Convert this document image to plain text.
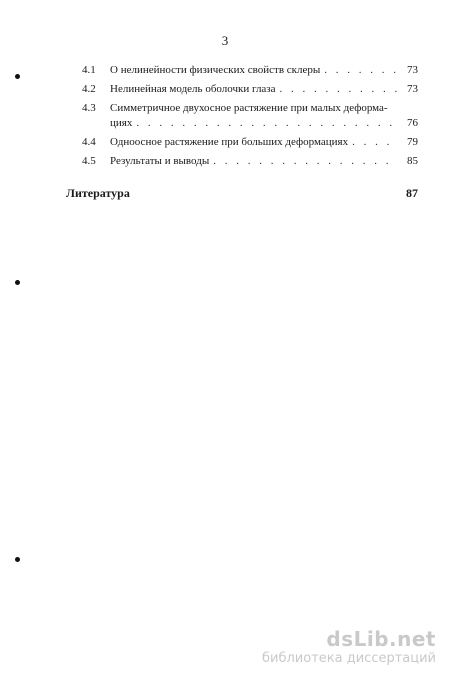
3
4.1	О нелинейности физических свойств склеры . . .	73
4.2	Нелинейная модель оболочки глаза . . .	73
4.3	Симметричное двухосное растяжение при малых деформа-
циях . . .	76
4.4	Одноосное растяжение при больших деформациях . . .	79
4.5	Результаты и выводы . . .	85
Литература	87
dsLib.net
библиотека диссертаций
